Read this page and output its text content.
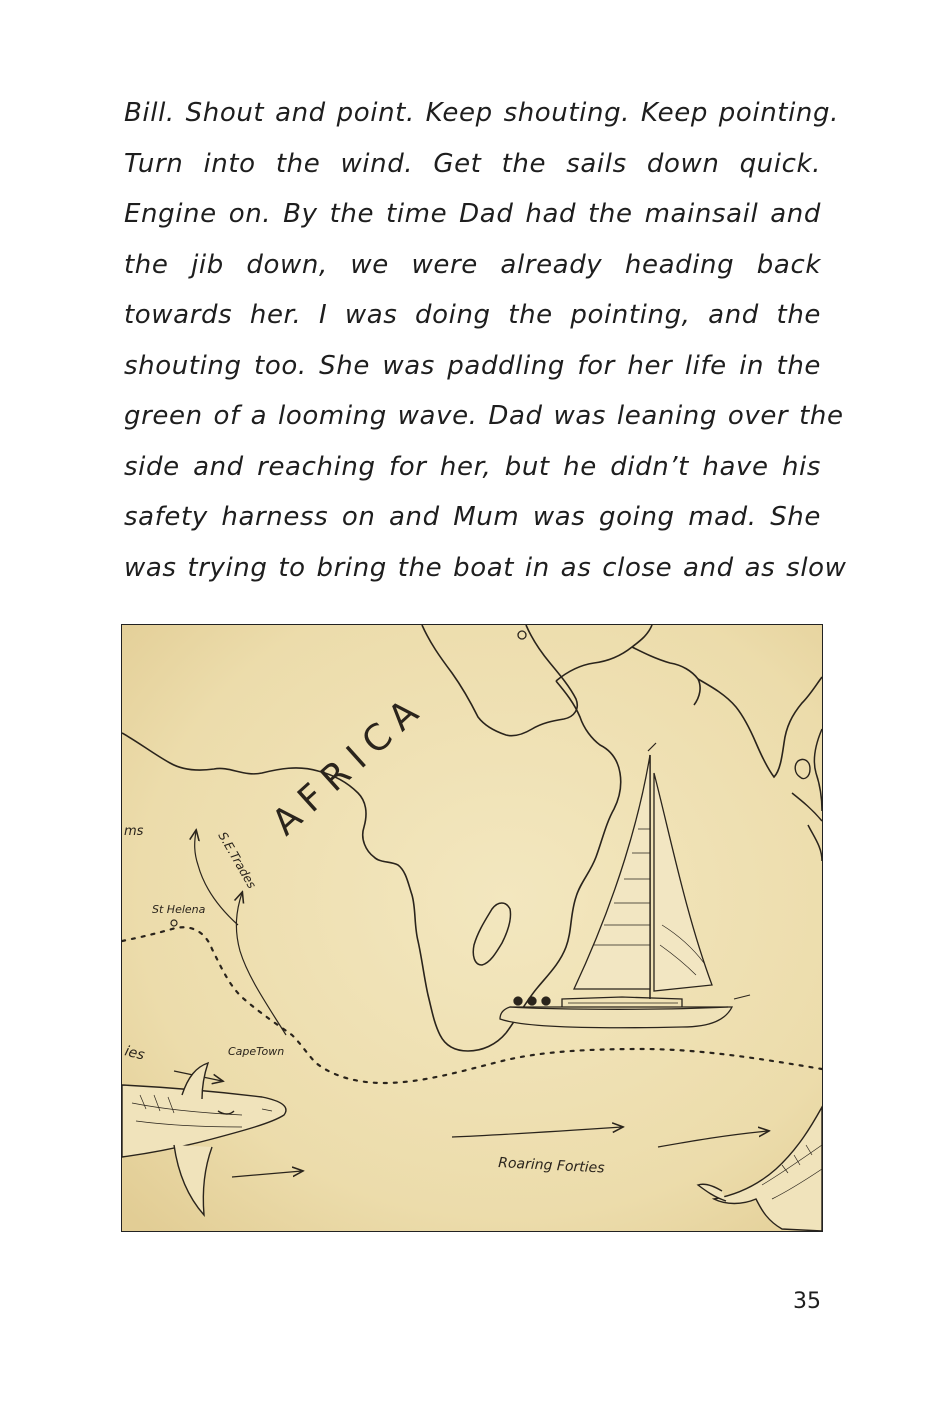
Bill. Shout and point. Keep shouting. Keep pointing.
Turn into the wind. Get the sails down quick.
Engine on. By the time Dad had the mainsail and
the jib down, we were already heading back
towards her. I was doing the pointing, and the
shouting too. She was paddling for her life in the
green of a looming wave. Dad was leaning over the
side and reaching for her, but he didn’t have his
safety harness on and Mum was going mad. She
was trying to bring the boat in as close and as slow
AFRICA
S.E.Trades
St Helena
CapeTown
Roaring Forties
ms
ies
35
